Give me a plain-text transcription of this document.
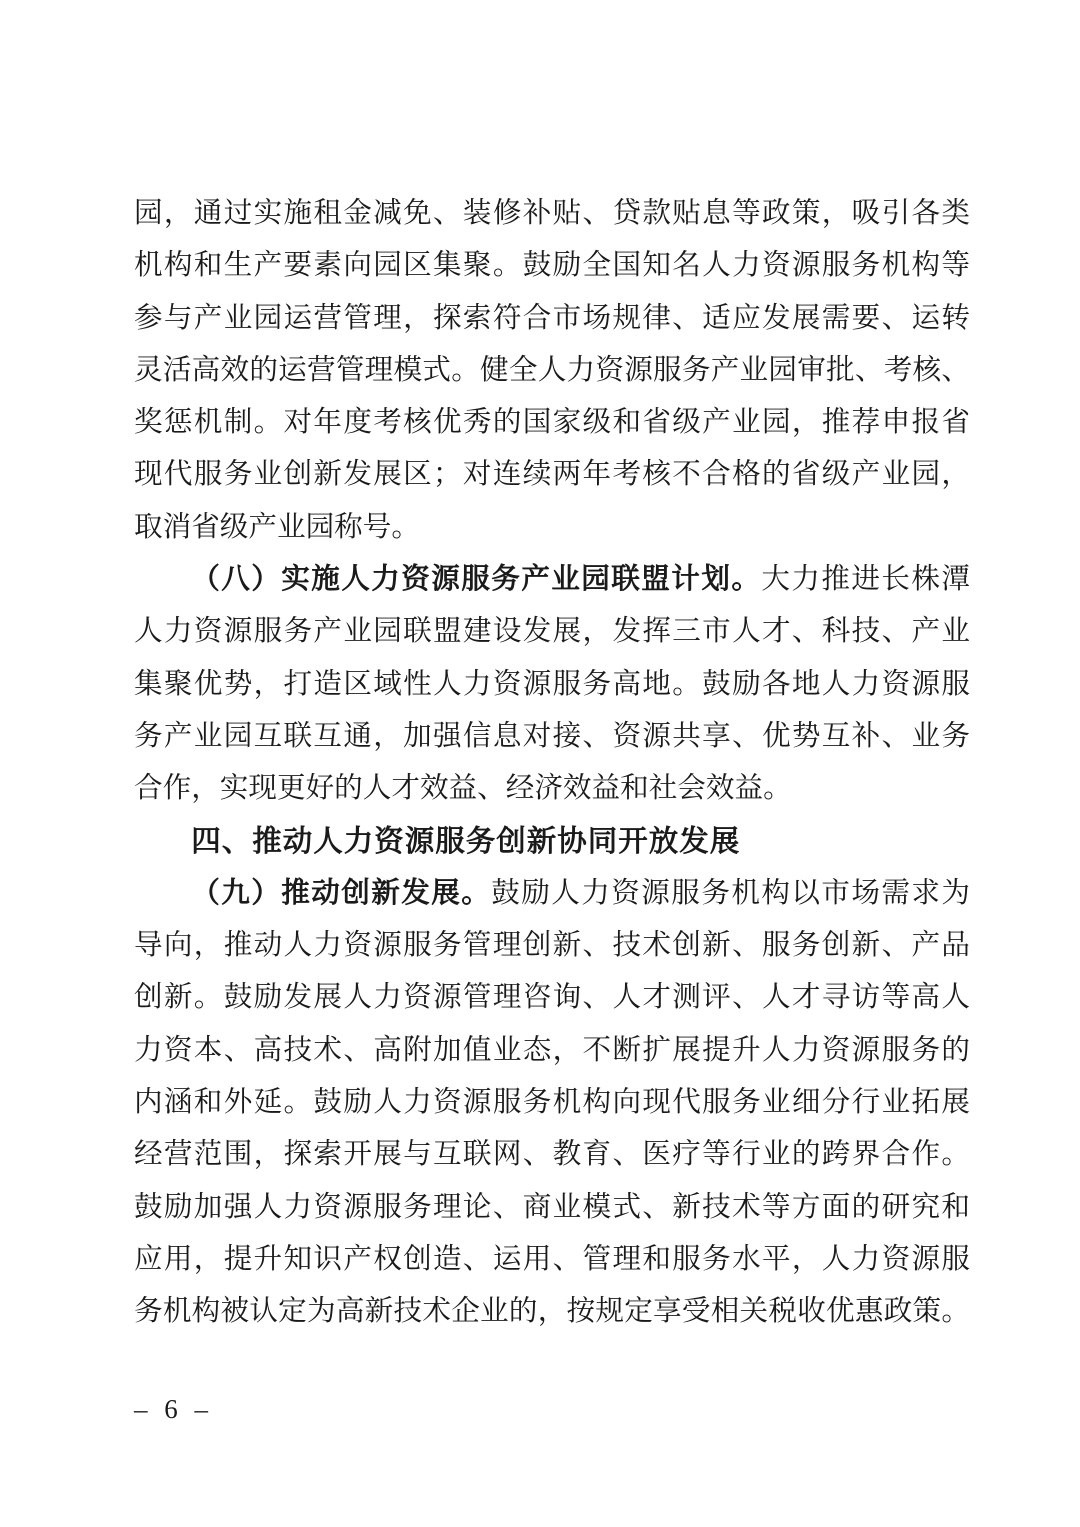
园，通过实施租金减免、装修补贴、贷款贴息等政策，吸引各类
机构和生产要素向园区集聚。鼓励全国知名人力资源服务机构等
参与产业园运营管理，探索符合市场规律、适应发展需要、运转
灵活高效的运营管理模式。健全人力资源服务产业园审批、考核、
奖惩机制。对年度考核优秀的国家级和省级产业园，推荐申报省
现代服务业创新发展区；对连续两年考核不合格的省级产业园，
取消省级产业园称号。
（八）实施人力资源服务产业园联盟计划。大力推进长株潭
人力资源服务产业园联盟建设发展，发挥三市人才、科技、产业
集聚优势，打造区域性人力资源服务高地。鼓励各地人力资源服
务产业园互联互通，加强信息对接、资源共享、优势互补、业务
合作，实现更好的人才效益、经济效益和社会效益。
四、推动人力资源服务创新协同开放发展
（九）推动创新发展。鼓励人力资源服务机构以市场需求为
导向，推动人力资源服务管理创新、技术创新、服务创新、产品
创新。鼓励发展人力资源管理咨询、人才测评、人才寻访等高人
力资本、高技术、高附加值业态，不断扩展提升人力资源服务的
内涵和外延。鼓励人力资源服务机构向现代服务业细分行业拓展
经营范围，探索开展与互联网、教育、医疗等行业的跨界合作。
鼓励加强人力资源服务理论、商业模式、新技术等方面的研究和
应用，提升知识产权创造、运用、管理和服务水平，人力资源服
务机构被认定为高新技术企业的，按规定享受相关税收优惠政策。
– 6 –
